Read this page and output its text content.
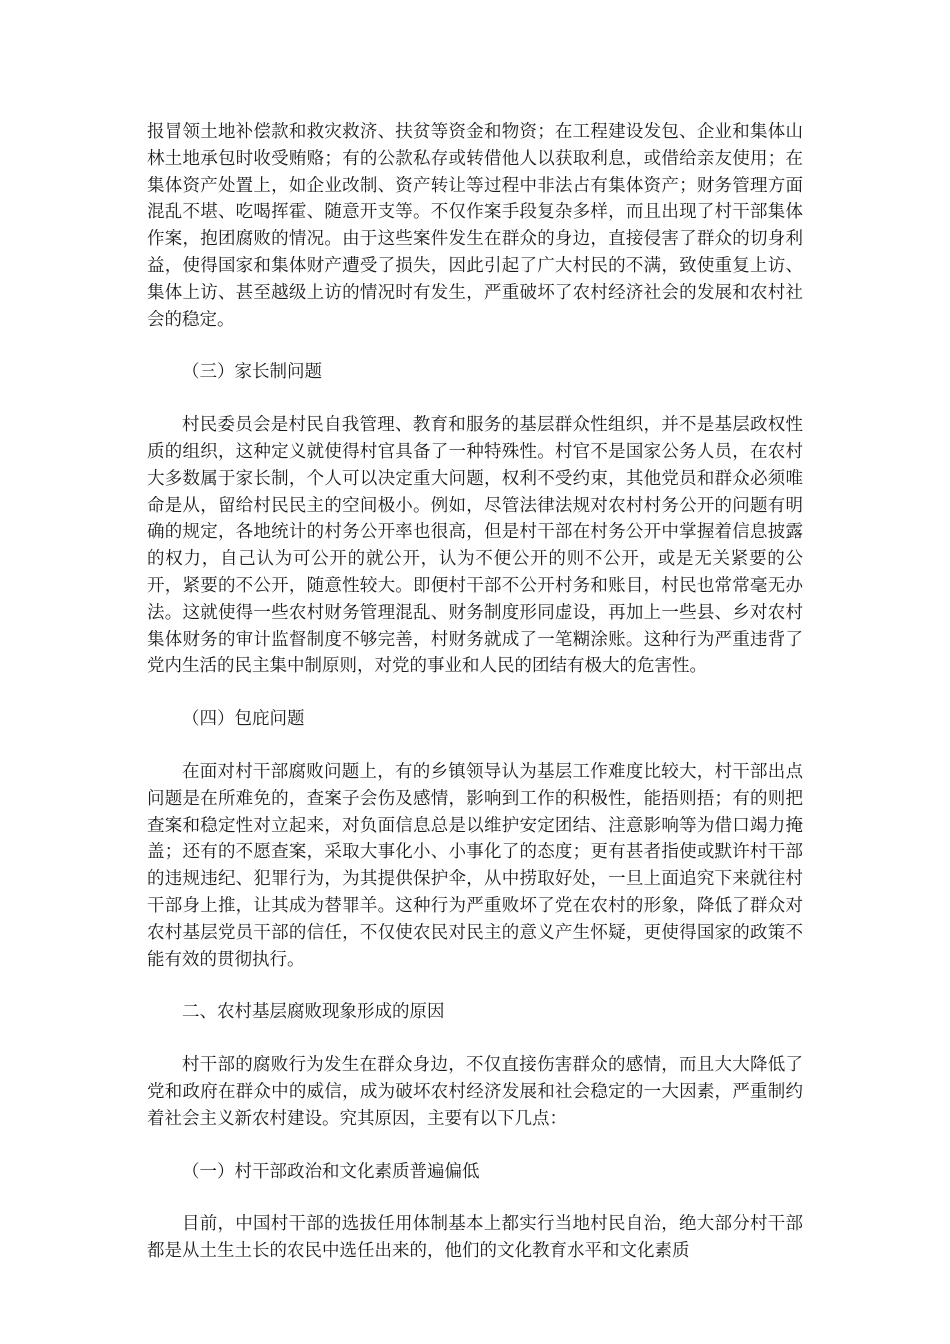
报冒领土地补偿款和救灾救济、扶贫等资金和物资；在工程建设发包、企业和集体山林土地承包时收受贿赂；有的公款私存或转借他人以获取利息，或借给亲友使用；在集体资产处置上，如企业改制、资产转让等过程中非法占有集体资产；财务管理方面混乱不堪、吃喝挥霍、随意开支等。不仅作案手段复杂多样，而且出现了村干部集体作案，抱团腐败的情况。由于这些案件发生在群众的身边，直接侵害了群众的切身利益，使得国家和集体财产遭受了损失，因此引起了广大村民的不满，致使重复上访、集体上访、甚至越级上访的情况时有发生，严重破坏了农村经济社会的发展和农村社会的稳定。

（三）家长制问题

村民委员会是村民自我管理、教育和服务的基层群众性组织，并不是基层政权性质的组织，这种定义就使得村官具备了一种特殊性。村官不是国家公务人员，在农村大多数属于家长制，个人可以决定重大问题，权利不受约束，其他党员和群众必须唯命是从，留给村民民主的空间极小。例如，尽管法律法规对农村村务公开的问题有明确的规定，各地统计的村务公开率也很高，但是村干部在村务公开中掌握着信息披露的权力，自己认为可公开的就公开，认为不便公开的则不公开，或是无关紧要的公开，紧要的不公开，随意性较大。即便村干部不公开村务和账目，村民也常常毫无办法。这就使得一些农村财务管理混乱、财务制度形同虚设，再加上一些县、乡对农村集体财务的审计监督制度不够完善，村财务就成了一笔糊涂账。这种行为严重违背了党内生活的民主集中制原则，对党的事业和人民的团结有极大的危害性。

（四）包庇问题

在面对村干部腐败问题上，有的乡镇领导认为基层工作难度比较大，村干部出点问题是在所难免的，查案子会伤及感情，影响到工作的积极性，能捂则捂；有的则把查案和稳定性对立起来，对负面信息总是以维护安定团结、注意影响等为借口竭力掩盖；还有的不愿查案，采取大事化小、小事化了的态度；更有甚者指使或默许村干部的违规违纪、犯罪行为，为其提供保护伞，从中捞取好处，一旦上面追究下来就往村干部身上推，让其成为替罪羊。这种行为严重败坏了党在农村的形象，降低了群众对农村基层党员干部的信任，不仅使农民对民主的意义产生怀疑，更使得国家的政策不能有效的贯彻执行。

二、农村基层腐败现象形成的原因

村干部的腐败行为发生在群众身边，不仅直接伤害群众的感情，而且大大降低了党和政府在群众中的威信，成为破坏农村经济发展和社会稳定的一大因素，严重制约着社会主义新农村建设。究其原因，主要有以下几点：

（一）村干部政治和文化素质普遍偏低

目前，中国村干部的选拔任用体制基本上都实行当地村民自治，绝大部分村干部都是从土生土长的农民中选任出来的，他们的文化教育水平和文化素质
